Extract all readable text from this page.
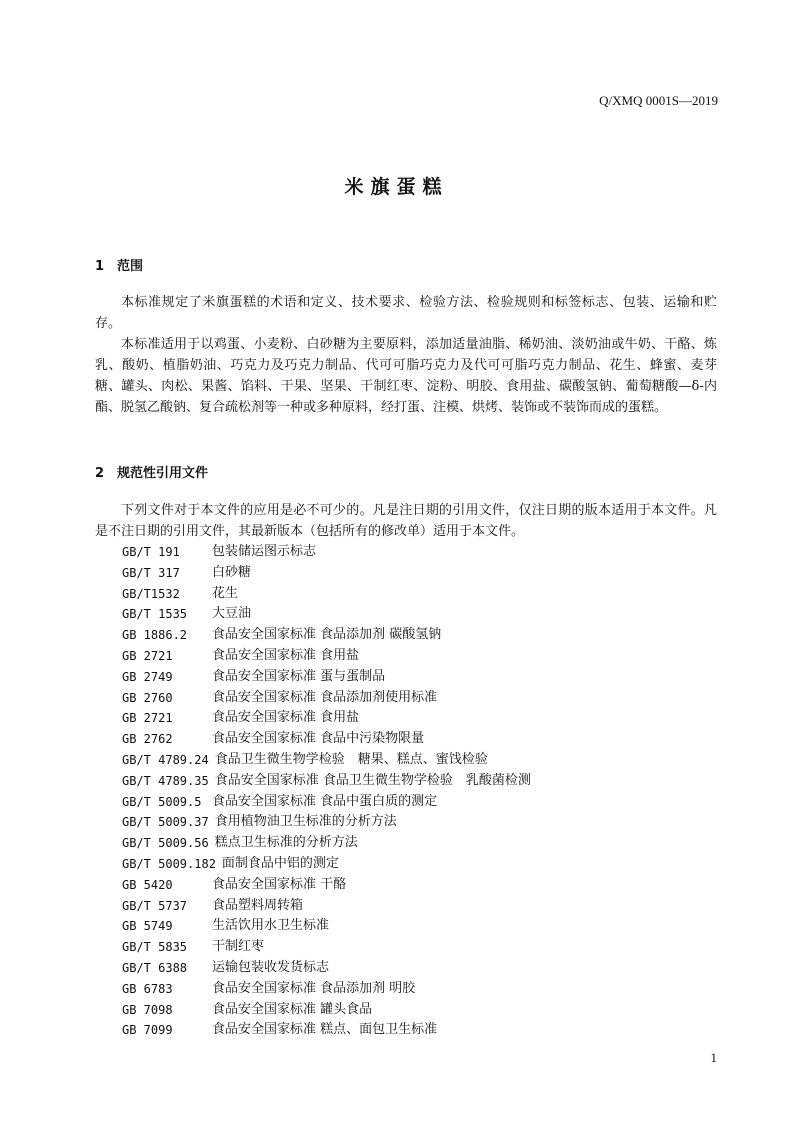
Q/XMQ 0001S—2019
米旗蛋糕
1 范围
本标准规定了米旗蛋糕的术语和定义、技术要求、检验方法、检验规则和标签标志、包装、运输和贮存。
本标准适用于以鸡蛋、小麦粉、白砂糖为主要原料，添加适量油脂、稀奶油、淡奶油或牛奶、干酪、炼乳、酸奶、植脂奶油、巧克力及巧克力制品、代可可脂巧克力及代可可脂巧克力制品、花生、蜂蜜、麦芽糖、罐头、肉松、果酱、馅料、干果、坚果、干制红枣、淀粉、明胶、食用盐、碳酸氢钠、葡萄糖酸—δ-内酯、脱氢乙酸钠、复合疏松剂等一种或多种原料，经打蛋、注模、烘烤、装饰或不装饰而成的蛋糕。
2 规范性引用文件
下列文件对于本文件的应用是必不可少的。凡是注日期的引用文件，仅注日期的版本适用于本文件。凡是不注日期的引用文件，其最新版本（包括所有的修改单）适用于本文件。
GB/T 191	包装储运图示标志
GB/T 317	白砂糖
GB/T1532	花生
GB/T 1535	大豆油
GB 1886.2	食品安全国家标准 食品添加剂 碳酸氢钠
GB 2721	食品安全国家标准 食用盐
GB 2749	食品安全国家标准 蛋与蛋制品
GB 2760	食品安全国家标准 食品添加剂使用标准
GB 2721	食品安全国家标准 食用盐
GB 2762	食品安全国家标准 食品中污染物限量
GB/T 4789.24 食品卫生微生物学检验　糖果、糕点、蜜饯检验
GB/T 4789.35 食品安全国家标准 食品卫生微生物学检验　乳酸菌检测
GB/T 5009.5 食品安全国家标准 食品中蛋白质的测定
GB/T 5009.37 食用植物油卫生标准的分析方法
GB/T 5009.56 糕点卫生标准的分析方法
GB/T 5009.182 面制食品中铝的测定
GB 5420	食品安全国家标准 干酪
GB/T 5737	食品塑料周转箱
GB 5749	生活饮用水卫生标准
GB/T 5835	干制红枣
GB/T 6388	运输包装收发货标志
GB 6783	食品安全国家标准 食品添加剂 明胶
GB 7098	食品安全国家标准 罐头食品
GB 7099	食品安全国家标准 糕点、面包卫生标准
1
